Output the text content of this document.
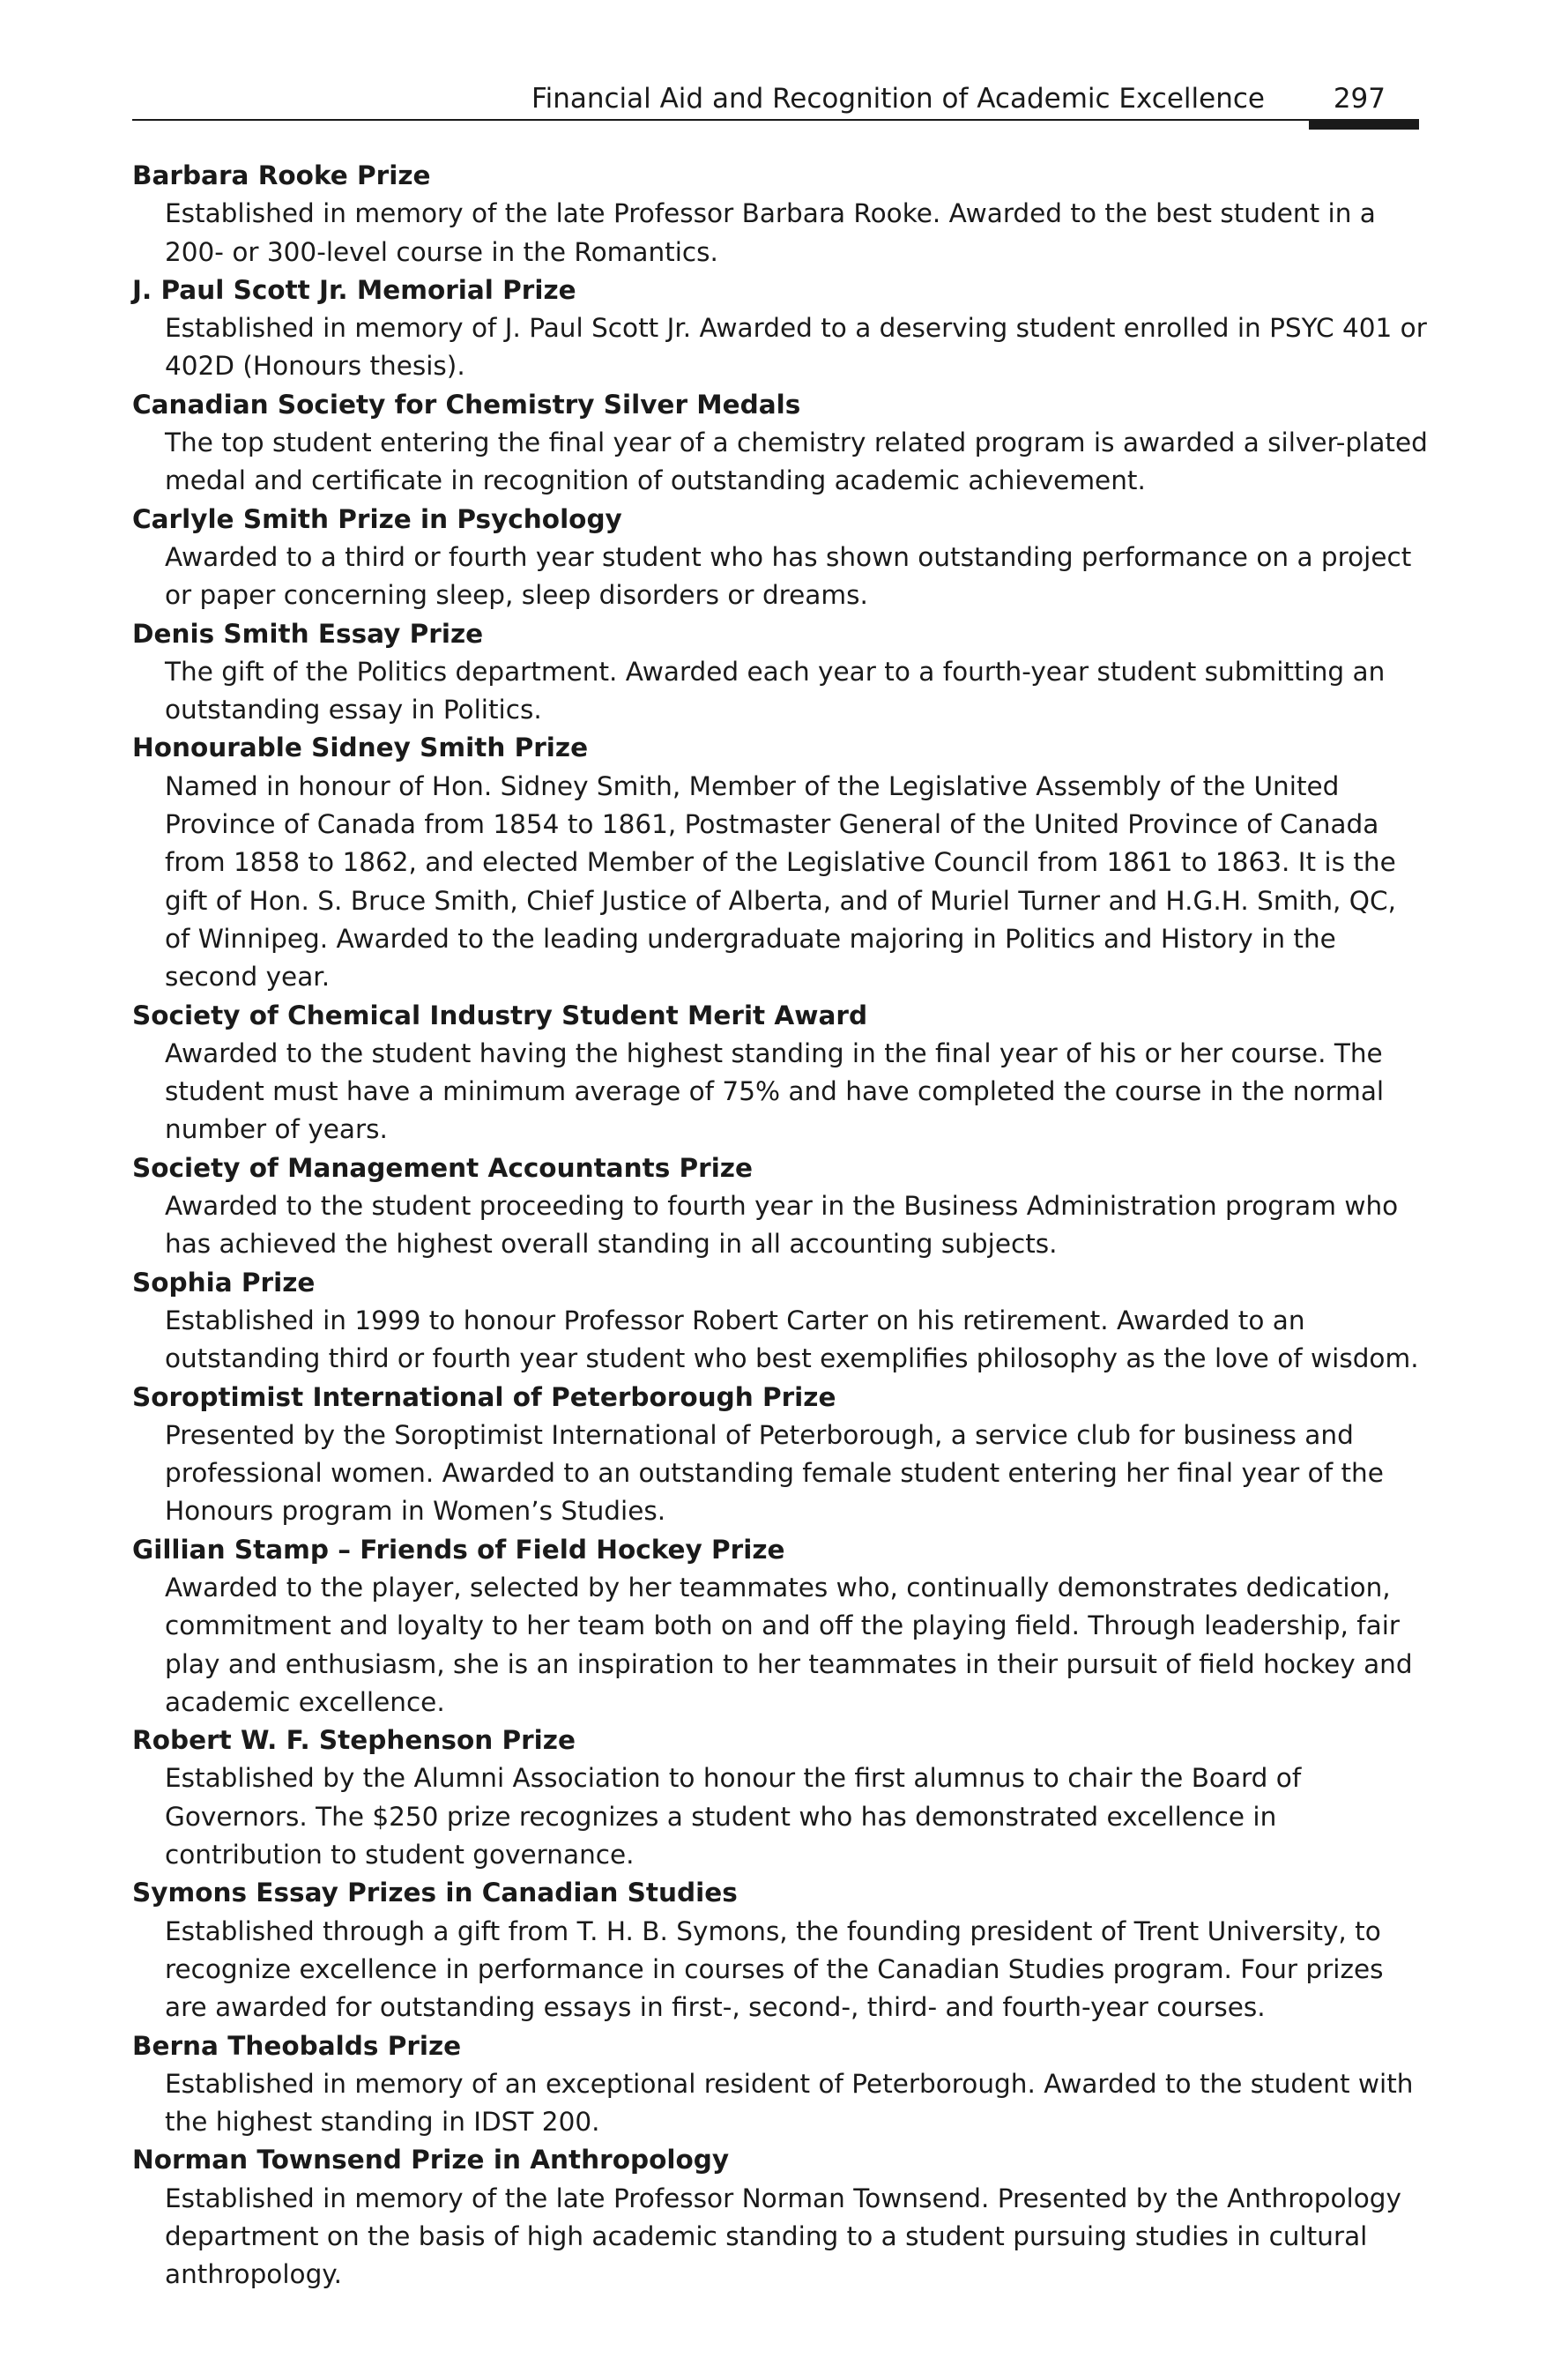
Financial Aid and Recognition of Academic Excellence	297
Barbara Rooke Prize
Established in memory of the late Professor Barbara Rooke. Awarded to the best student in a 200- or 300-level course in the Romantics.
J. Paul Scott Jr. Memorial Prize
Established in memory of J. Paul Scott Jr. Awarded to a deserving student enrolled in PSYC 401 or 402D (Honours thesis).
Canadian Society for Chemistry Silver Medals
The top student entering the final year of a chemistry related program is awarded a silver-plated medal and certificate in recognition of outstanding academic achievement.
Carlyle Smith Prize in Psychology
Awarded to a third or fourth year student who has shown outstanding performance on a project or paper concerning sleep, sleep disorders or dreams.
Denis Smith Essay Prize
The gift of the Politics department. Awarded each year to a fourth-year student submitting an outstanding essay in Politics.
Honourable Sidney Smith Prize
Named in honour of Hon. Sidney Smith, Member of the Legislative Assembly of the United Province of Canada from 1854 to 1861, Postmaster General of the United Province of Canada from 1858 to 1862, and elected Member of the Legislative Council from 1861 to 1863. It is the gift of Hon. S. Bruce Smith, Chief Justice of Alberta, and of Muriel Turner and H.G.H. Smith, QC, of Winnipeg. Awarded to the leading undergraduate majoring in Politics and History in the second year.
Society of Chemical Industry Student Merit Award
Awarded to the student having the highest standing in the final year of his or her course. The student must have a minimum average of 75% and have completed the course in the normal number of years.
Society of Management Accountants Prize
Awarded to the student proceeding to fourth year in the Business Administration program who has achieved the highest overall standing in all accounting subjects.
Sophia Prize
Established in 1999 to honour Professor Robert Carter on his retirement. Awarded to an outstanding third or fourth year student who best exemplifies philosophy as the love of wisdom.
Soroptimist International of Peterborough Prize
Presented by the Soroptimist International of Peterborough, a service club for business and professional women. Awarded to an outstanding female student entering her final year of the Honours program in Women’s Studies.
Gillian Stamp – Friends of Field Hockey Prize
Awarded to the player, selected by her teammates who, continually demonstrates dedication, commitment and loyalty to her team both on and off the playing field. Through leadership, fair play and enthusiasm, she is an inspiration to her teammates in their pursuit of field hockey and academic excellence.
Robert W. F. Stephenson Prize
Established by the Alumni Association to honour the first alumnus to chair the Board of Governors. The $250 prize recognizes a student who has demonstrated excellence in contribution to student governance.
Symons Essay Prizes in Canadian Studies
Established through a gift from T. H. B. Symons, the founding president of Trent University, to recognize excellence in performance in courses of the Canadian Studies program. Four prizes are awarded for outstanding essays in first-, second-, third- and fourth-year courses.
Berna Theobalds Prize
Established in memory of an exceptional resident of Peterborough. Awarded to the student with the highest standing in IDST 200.
Norman Townsend Prize in Anthropology
Established in memory of the late Professor Norman Townsend. Presented by the Anthropology department on the basis of high academic standing to a student pursuing studies in cultural anthropology.
